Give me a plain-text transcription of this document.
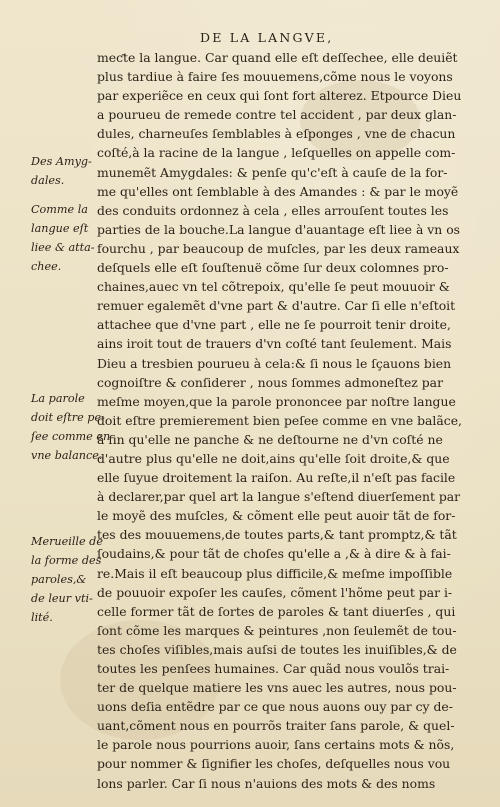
DE LA LANGVE,
meƈte la langue. Car quand elle eſt deſſechee, elle deuiẽt
plus tardiue à faire ſes mouuemens,cõme nous le voyons
par experiẽce en ceux qui ſont fort alterez. Etpource Dieu
a pourueu de remede contre tel accident , par deux glan-
dules, charneuſes ſemblables à eſponges , vne de chacun
coſté,à la racine de la langue , leſquelles on appelle com-
munemẽt Amygdales: & penſe qu'c'eſt à cauſe de la for-
me qu'elles ont ſemblable à des Amandes : & par le moyẽ
des conduits ordonnez à cela , elles arrouſent toutes les
parties de la bouche.La langue d'auantage eſt liee à vn os
fourchu , par beaucoup de muſcles, par les deux rameaux
deſquels elle eſt ſouſtenuë cõme ſur deux colomnes pro-
chaines,auec vn tel cõtrepoix, qu'elle ſe peut mouuoir &
remuer egalemẽt d'vne part & d'autre. Car ſi elle n'eſtoit
attachee que d'vne part , elle ne ſe pourroit tenir droite,
ains iroit tout de trauers d'vn coſté tant ſeulement. Mais
Dieu a tresbien pourueu à cela:& ſi nous le ſçauons bien
cognoiſtre & conſiderer , nous ſommes admoneſtez par
meſme moyen,que la parole prononcee par noſtre langue
doit eſtre premierement bien peſee comme en vne balãce,
à fin qu'elle ne panche & ne deſtourne ne d'vn coſté ne
d'autre plus qu'elle ne doit,ains qu'elle ſoit droite,& que
elle ſuyue droitement la raiſon. Au reſte,il n'eſt pas facile
à declarer,par quel art la langue s'eſtend diuerſement par
le moyẽ des muſcles, & cõment elle peut auoir tãt de for-
tes des mouuemens,de toutes parts,& tant promptz,& tãt
ſoudains,& pour tãt de choſes qu'elle a ,& à dire & à fai-
re.Mais il eſt beaucoup plus difficile,& meſme impoſſible
de pouuoir expoſer les cauſes, cõment l'hõme peut par i-
celle former tãt de ſortes de paroles & tant diuerſes , qui
ſont cõme les marques & peintures ,non ſeulemẽt de tou-
tes choſes viſibles,mais auſsi de toutes les inuiſibles,& de
toutes les penſees humaines. Car quãd nous voulõs trai-
ter de quelque matiere les vns auec les autres, nous pou-
uons deſia entẽdre par ce que nous auons ouy par cy de-
uant,cõment nous en pourrõs traiter ſans parole, & quel-
le parole nous pourrions auoir, ſans certains mots & nõs,
pour nommer & ſignifier les choſes, deſquelles nous vou
lons parler. Car ſi nous n'auions des mots & des noms
Des Amyg-
dales.
Comme la
langue eſt
liee & atta-
chee.
La parole
doit eſtre pe-
ſee comme en
vne balance.
Merueille de
la forme des
paroles,&
de leur vti-
lité.
